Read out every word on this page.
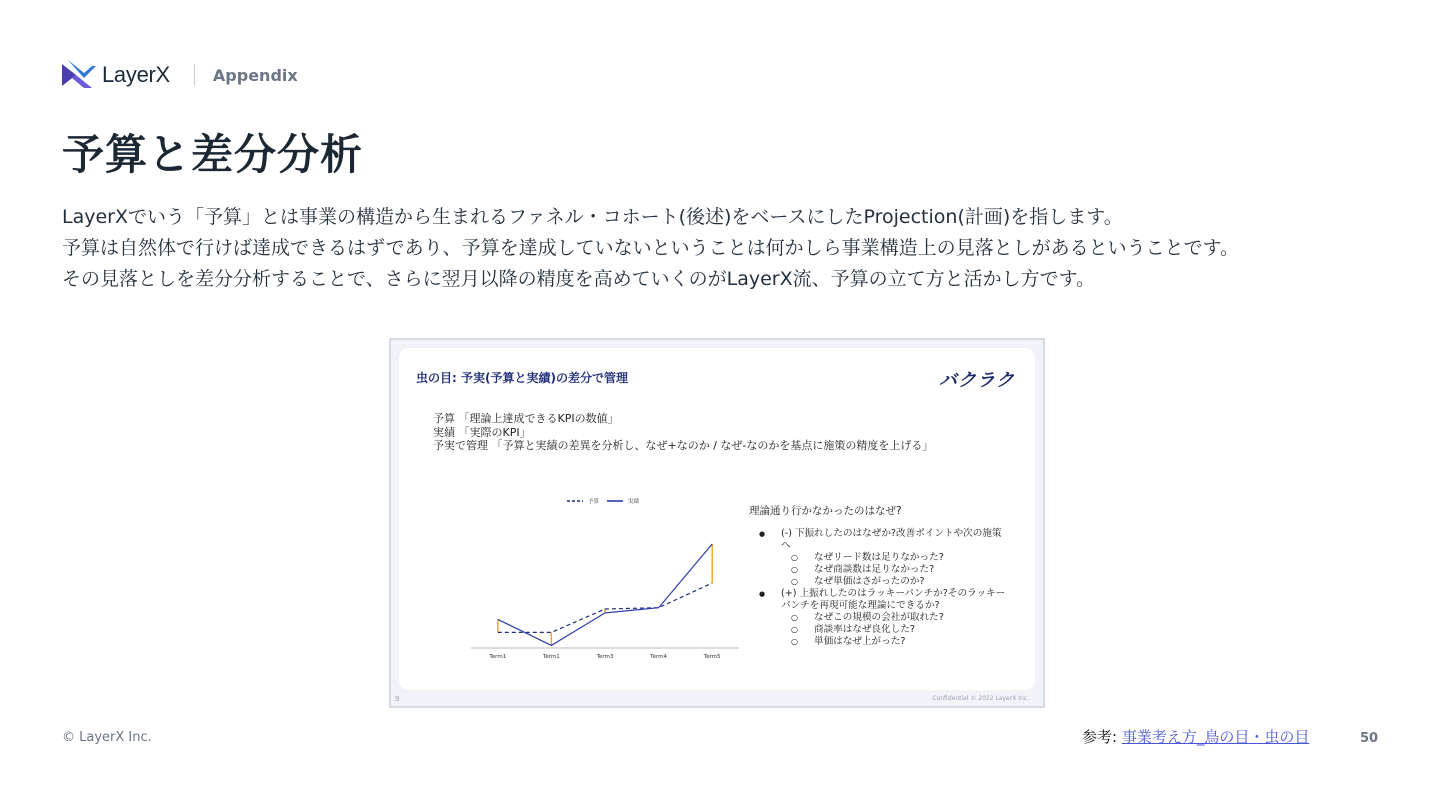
LayerX	Appendix
予算と差分分析

LayerXでいう「予算」とは事業の構造から生まれるファネル・コホート(後述)をベースにしたProjection(計画)を指します。

予算は自然体で行けば達成できるはずであり、予算を達成していないということは何かしら事業構造上の見落としがあるということです。

その見落としを差分分析することで、さらに翌月以降の精度を高めていくのがLayerX流、予算の立て方と活かし方です。

虫の目: 予実(予算と実績)の差分で管理	バクラク
予算 「理論上達成できるKPIの数値」
実績 「実際のKPI」
予実で管理 「予算と実績の差異を分析し、なぜ+なのか / なぜ-なのかを基点に施策の精度を上げる」
Term1	Term1	Term3	Term4	Term5
予算	実績
理論通り行かなかったのはなぜ?
● (-) 下振れしたのはなぜか?改善ポイントや次の施策へ
○ なぜリード数は足りなかった?
○ なぜ商談数は足りなかった?
○ なぜ単価はさがったのか?
● (+) 上振れしたのはラッキーパンチか?そのラッキーパンチを再現可能な理論にできるか?
○ なぜこの規模の会社が取れた?
○ 商談率はなぜ良化した?
○ 単価はなぜ上がった?
9	Confidential © 2022 LayerX Inc.
© LayerX Inc.	参考: 事業考え方_鳥の目・虫の目	50
